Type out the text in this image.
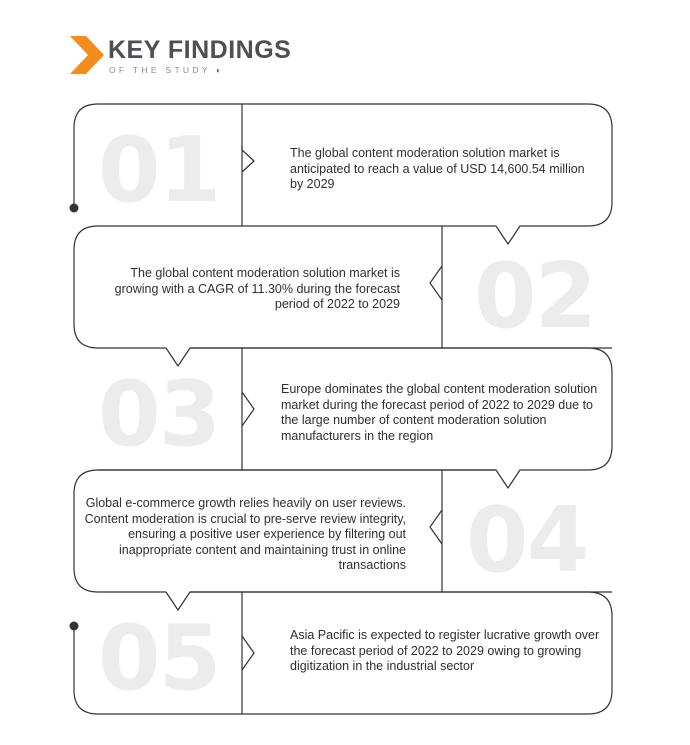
KEY FINDINGS
OF THE STUDY ◖
01	The global content moderation solution market is anticipated to reach a value of USD 14,600.54 million by 2029
02
The global content moderation solution market is growing with a CAGR of 11.30% during the forecast period of 2022 to 2029
03	Europe dominates the global content moderation solution market during the forecast period of 2022 to 2029 due to the large number of content moderation solution manufacturers in the region
04
Global e-commerce growth relies heavily on user reviews. Content moderation is crucial to pre-serve review integrity, ensuring a positive user experience by filtering out inappropriate content and maintaining trust in online transactions
05	Asia Pacific is expected to register lucrative growth over the forecast period of 2022 to 2029 owing to growing digitization in the industrial sector
